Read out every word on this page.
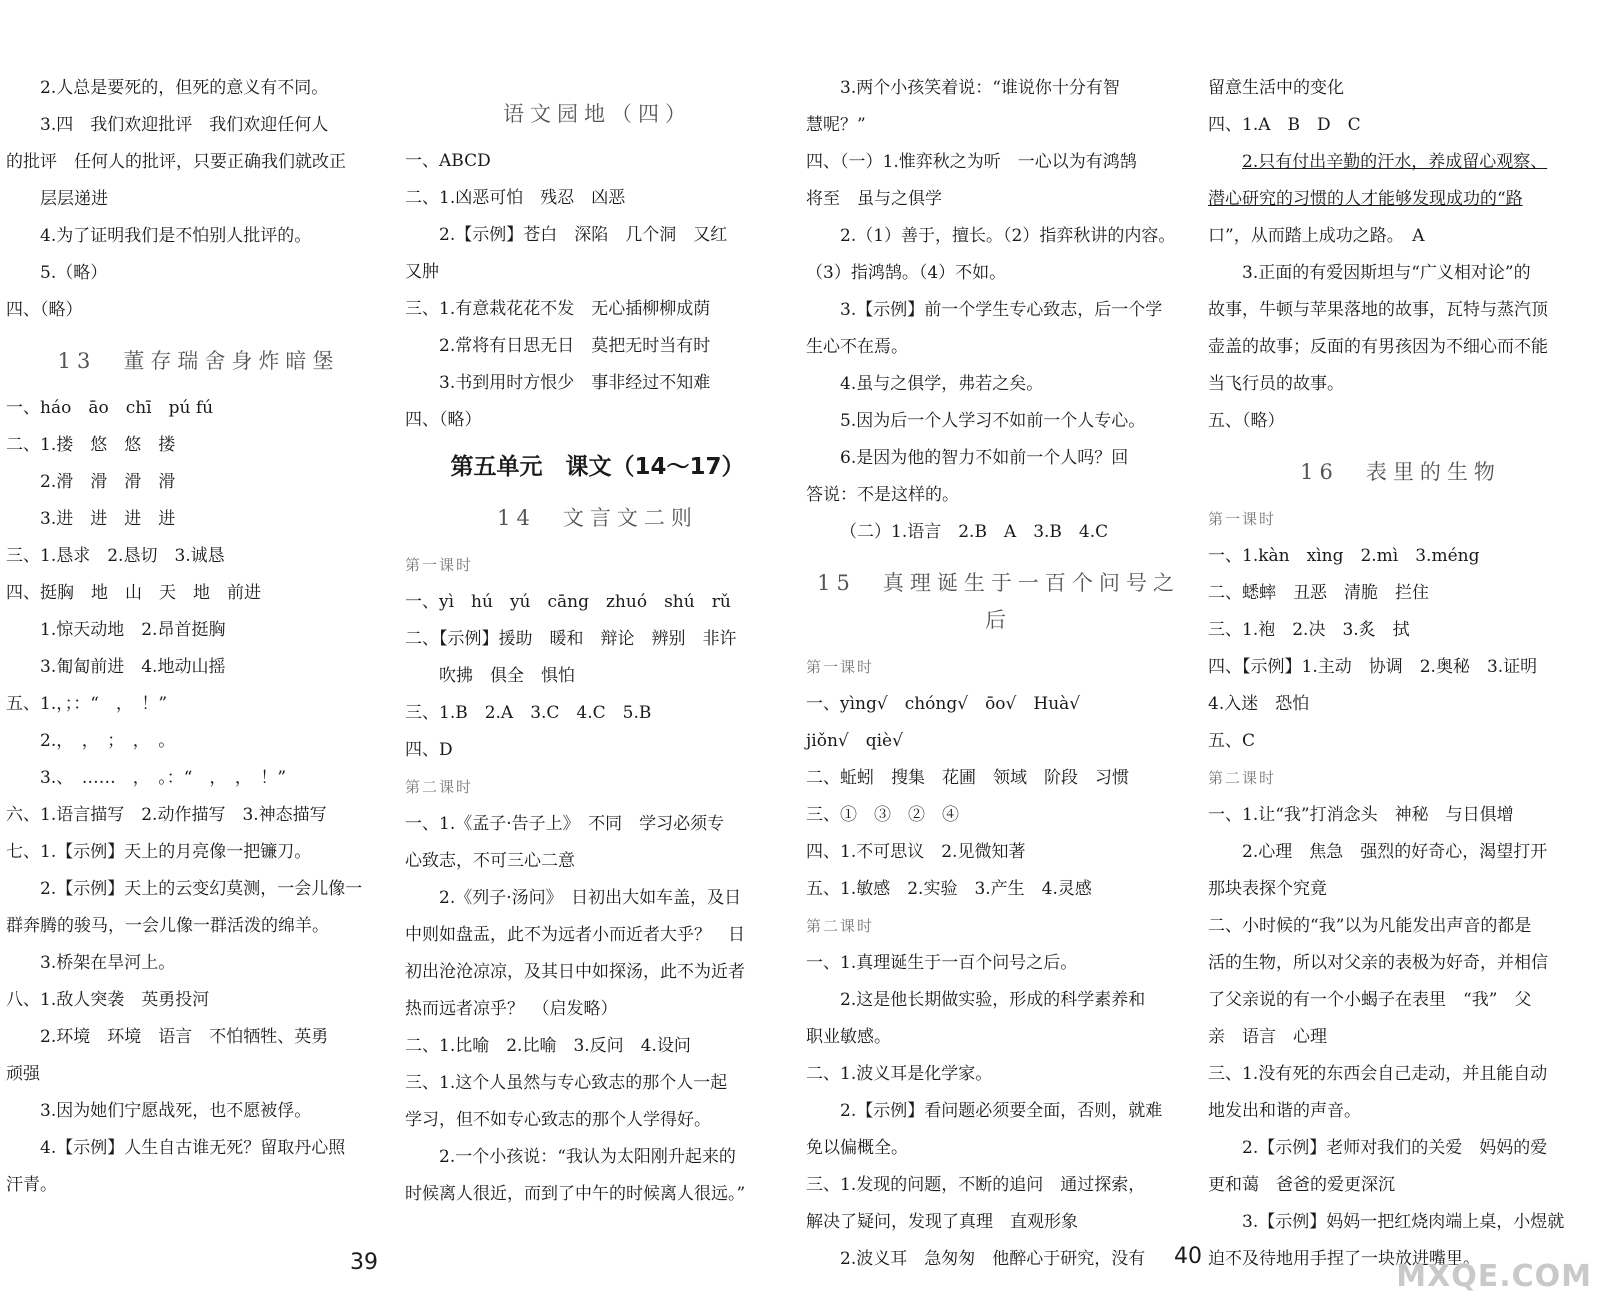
2.人总是要死的，但死的意义有不同。
3.四　我们欢迎批评　我们欢迎任何人
的批评　任何人的批评，只要正确我们就改正
层层递进
4.为了证明我们是不怕别人批评的。
5.（略）
四、（略）
13　董存瑞舍身炸暗堡
一、háo　āo　chī　pú fú
二、1.搂　悠　悠　搂
2.滑　滑　滑　滑
3.进　进　进　进
三、1.恳求　2.恳切　3.诚恳
四、挺胸　地　山　天　地　前进
1.惊天动地　2.昂首挺胸
3.匍匐前进　4.地动山摇
五、1.，；：“　，　！”
2.，　，　；　，　。
3.、　……　，　。：“　，　，　！”
六、1.语言描写　2.动作描写　3.神态描写
七、1.【示例】天上的月亮像一把镰刀。
2.【示例】天上的云变幻莫测，一会儿像一
群奔腾的骏马，一会儿像一群活泼的绵羊。
3.桥架在旱河上。
八、1.敌人突袭　英勇投河
2.环境　环境　语言　不怕牺牲、英勇
顽强
3.因为她们宁愿战死，也不愿被俘。
4.【示例】人生自古谁无死？留取丹心照
汗青。
语文园地（四）
一、ABCD
二、1.凶恶可怕　残忍　凶恶
2.【示例】苍白　深陷　几个洞　又红
又肿
三、1.有意栽花花不发　无心插柳柳成荫
2.常将有日思无日　莫把无时当有时
3.书到用时方恨少　事非经过不知难
四、（略）
第五单元　课文（14～17）
14　文言文二则
第一课时
一、yì　hú　yú　cāng　zhuó　shú　rǔ
二、【示例】援助　暖和　辩论　辨别　非许
吹拂　俱全　惧怕
三、1.B　2.A　3.C　4.C　5.B
四、D
第二课时
一、1.《孟子·告子上》　不同　学习必须专
心致志，不可三心二意
2.《列子·汤问》　日初出大如车盖，及日
中则如盘盂，此不为远者小而近者大乎？　日
初出沧沧凉凉，及其日中如探汤，此不为近者
热而远者凉乎？　（启发略）
二、1.比喻　2.比喻　3.反问　4.设问
三、1.这个人虽然与专心致志的那个人一起
学习，但不如专心致志的那个人学得好。
2.一个小孩说：“我认为太阳刚升起来的
时候离人很近，而到了中午的时候离人很远。”
3.两个小孩笑着说：“谁说你十分有智
慧呢？”
四、（一）1.惟弈秋之为听　一心以为有鸿鹄
将至　虽与之俱学
2.（1）善于，擅长。（2）指弈秋讲的内容。
（3）指鸿鹄。（4）不如。
3.【示例】前一个学生专心致志，后一个学
生心不在焉。
4.虽与之俱学，弗若之矣。
5.因为后一个人学习不如前一个人专心。
6.是因为他的智力不如前一个人吗？回
答说：不是这样的。
（二）1.语言　2.B　A　3.B　4.C
15　真理诞生于一百个问号之后
第一课时
一、yìng√　chóng√　ōo√　Huà√
jiǒn√　qiè√
二、蚯蚓　搜集　花圃　领域　阶段　习惯
三、①　③　②　④
四、1.不可思议　2.见微知著
五、1.敏感　2.实验　3.产生　4.灵感
第二课时
一、1.真理诞生于一百个问号之后。
2.这是他长期做实验，形成的科学素养和
职业敏感。
二、1.波义耳是化学家。
2.【示例】看问题必须要全面，否则，就难
免以偏概全。
三、1.发现的问题，不断的追问　通过探索，
解决了疑问，发现了真理　直观形象
2.波义耳　急匆匆　他醉心于研究，没有
留意生活中的变化
四、1.A　B　D　C
2.只有付出辛勤的汗水，养成留心观察、
潜心研究的习惯的人才能够发现成功的“路
口”，从而踏上成功之路。　A
3.正面的有爱因斯坦与“广义相对论”的
故事，牛顿与苹果落地的故事，瓦特与蒸汽顶
壶盖的故事；反面的有男孩因为不细心而不能
当飞行员的故事。
五、（略）
16　表里的生物
第一课时
一、1.kàn　xìng　2.mì　3.méng
二、蟋蟀　丑恶　清脆　拦住
三、1.袍　2.决　3.炙　拭
四、【示例】1.主动　协调　2.奥秘　3.证明
4.入迷　恐怕
五、C
第二课时
一、1.让“我”打消念头　神秘　与日俱增
2.心理　焦急　强烈的好奇心，渴望打开
那块表探个究竟
二、小时候的“我”以为凡能发出声音的都是
活的生物，所以对父亲的表极为好奇，并相信
了父亲说的有一个小蝎子在表里　“我”　父
亲　语言　心理
三、1.没有死的东西会自己走动，并且能自动
地发出和谐的声音。
2.【示例】老师对我们的关爱　妈妈的爱
更和蔼　爸爸的爱更深沉
3.【示例】妈妈一把红烧肉端上桌，小煜就
迫不及待地用手捏了一块放进嘴里。
39	40
MXQE.COM
